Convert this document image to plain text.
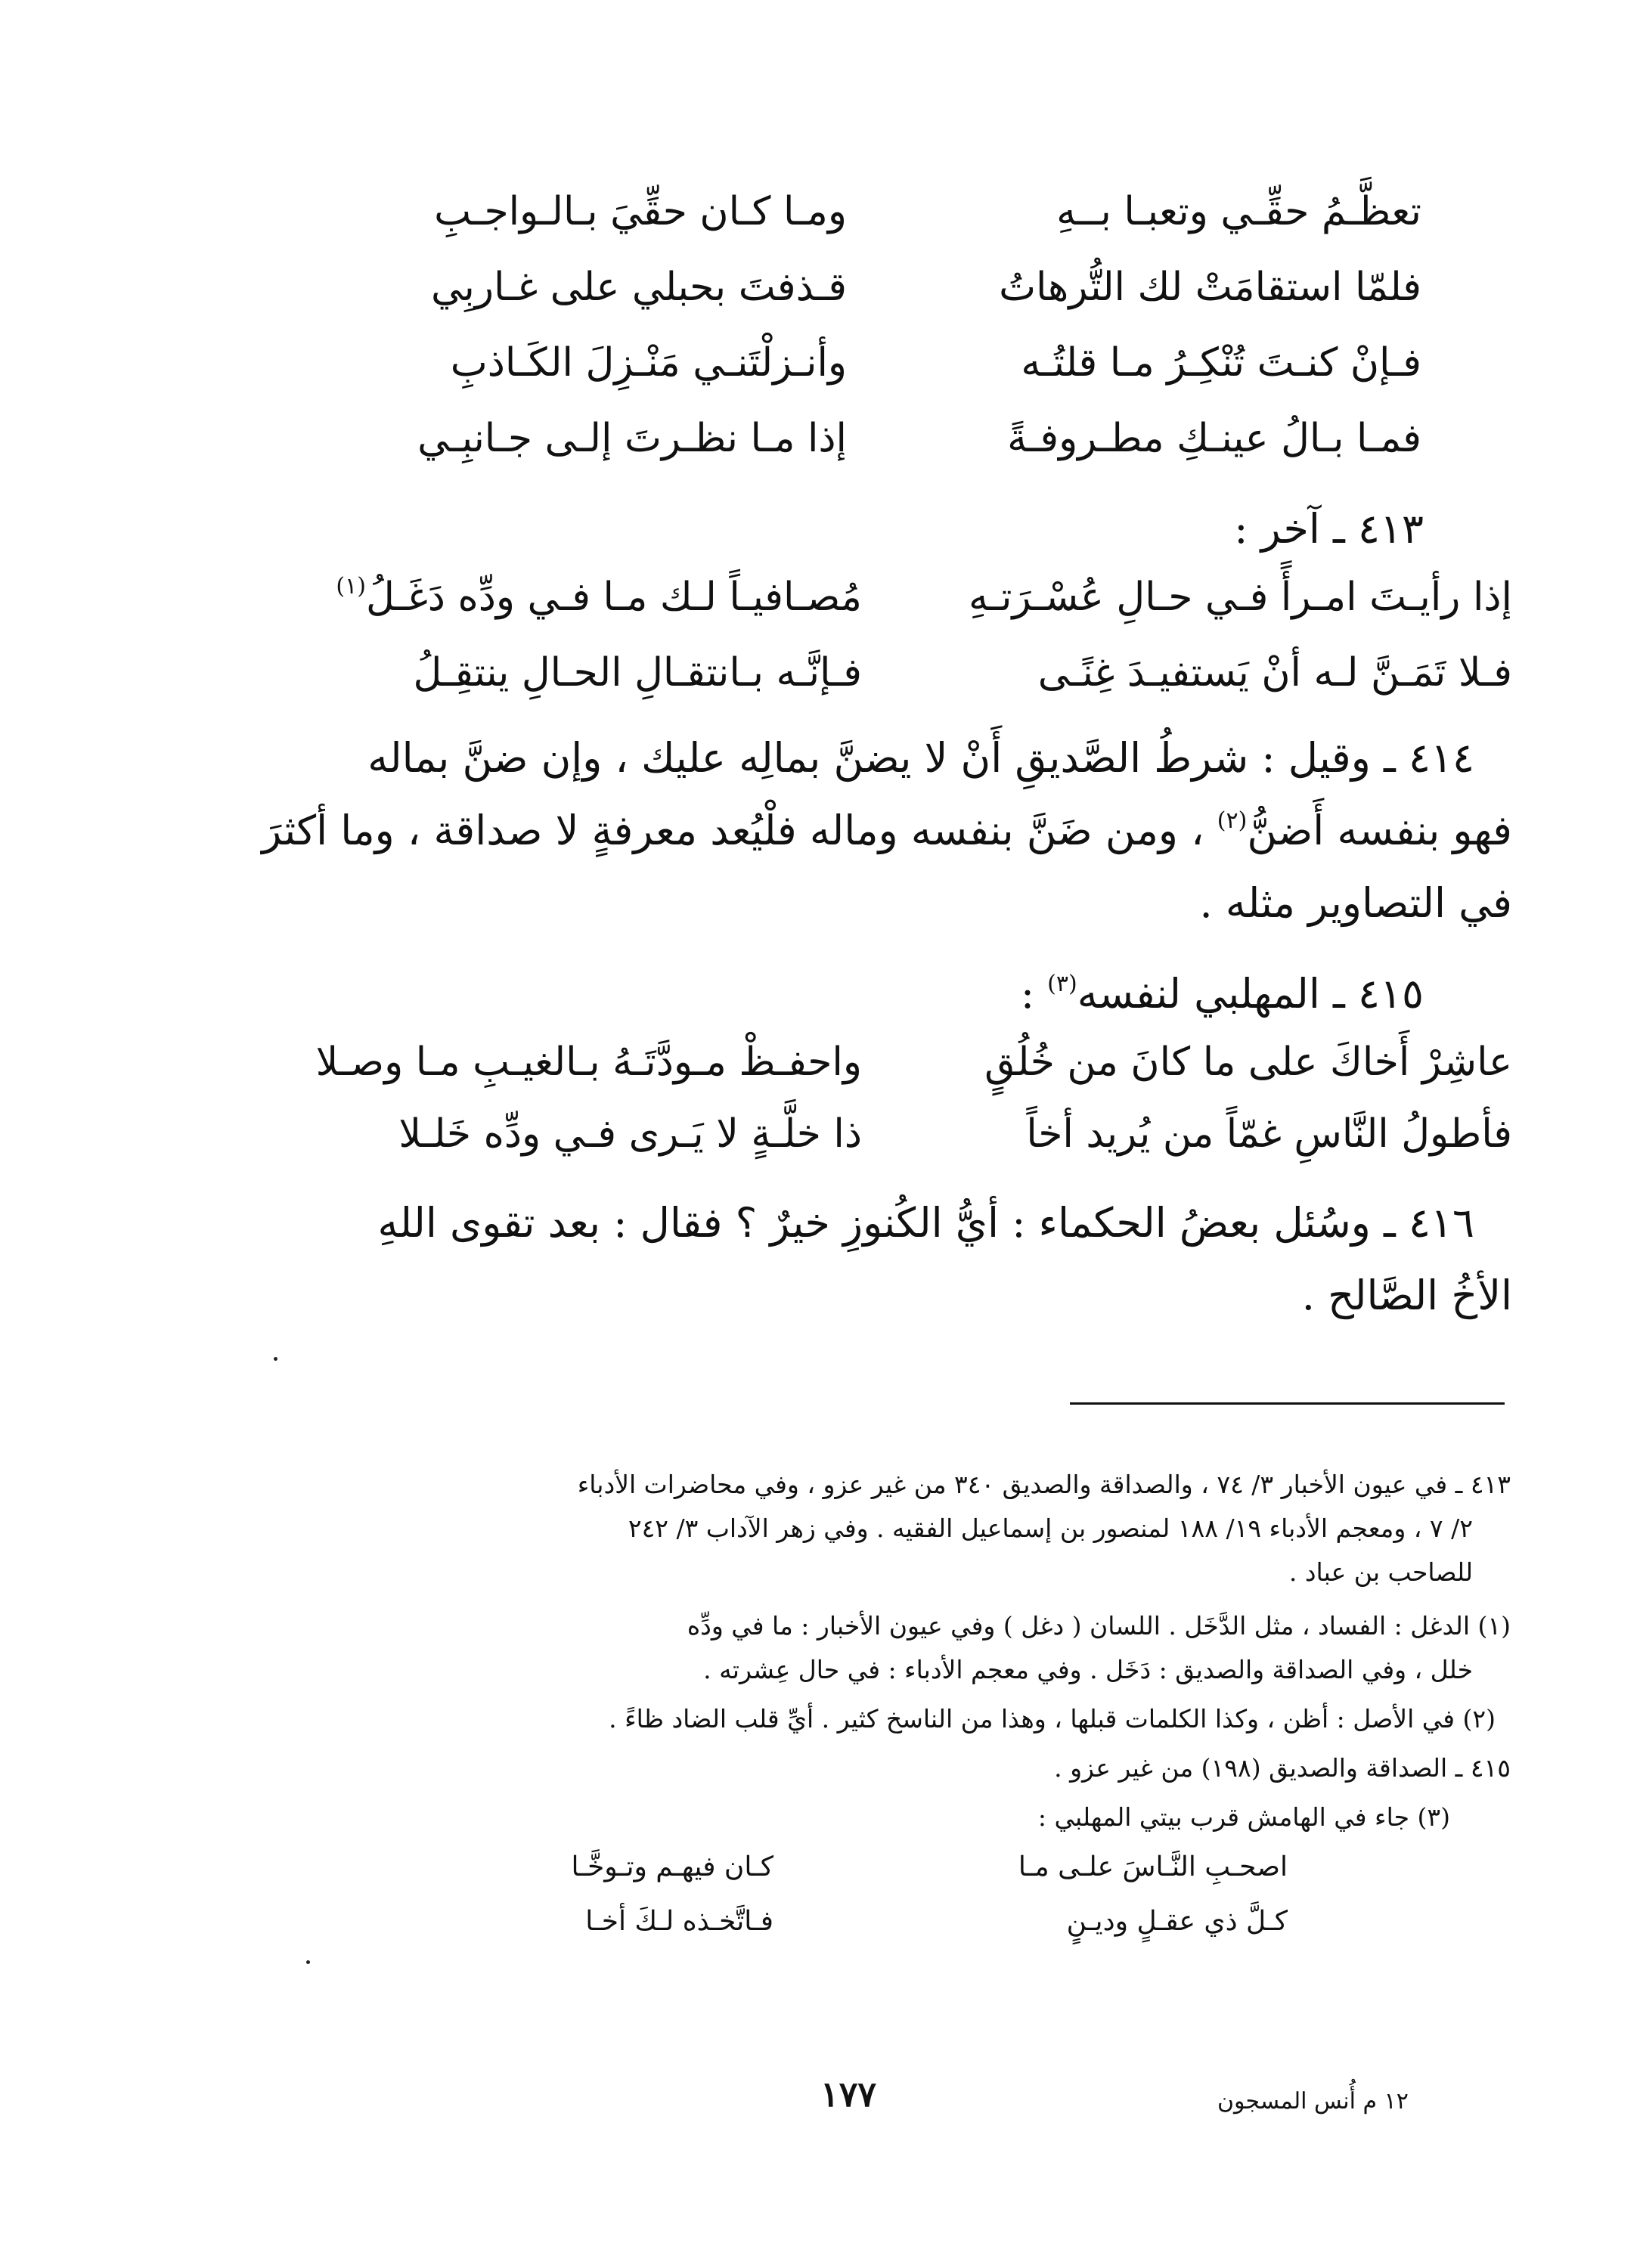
تعظَّـمُ حقِّـي وتعبـا بــهِ
ومـا كـان حقِّيَ بـالـواجـبِ
فلمّا استقامَتْ لك التُّرهاتُ
قـذفتَ بحبلي على غـاربِي
فـإنْ كنـتَ تُنْكِـرُ مـا قلتُـه
وأنـزلْتَنـي مَنْـزِلَ الكَـاذبِ
فمـا بـالُ عينـكِ مطـروفـةً
إذا مـا نظـرتَ إلـى جـانبِـي
٤١٣ ـ آخر :
إذا رأيـتَ امـرأً فـي حـالِ عُسْـرَتـهِ
مُصـافيـاً لـك مـا فـي ودِّه دَغَـلُ$^{(١)}$
فـلا تَمَـنَّ لـه أنْ يَستفيـدَ غِنًـى
فـإنَّـه بـانتقـالِ الحـالِ ينتقِـلُ
٤١٤ ـ وقيل : شرطُ الصَّديقِ أَنْ لا يضنَّ بمالِه عليك ، وإن ضنَّ بماله
فهو بنفسه أَضنُّ$^{(٢)}$ ، ومن ضَنَّ بنفسه وماله فلْيُعد معرفةٍ لا صداقة ، وما أكثرَ
في التصاوير مثله .
٤١٥ ـ المهلبي لنفسه$^{(٣)}$ :
عاشِرْ أَخاكَ على ما كانَ من خُلُقٍ
واحفـظْ مـودَّتَـهُ بـالغيـبِ مـا وصـلا
فأطولُ النَّاسِ غمّاً من يُريد أخاً
ذا خلَّـةٍ لا يَـرى فـي ودِّه خَلـلا
٤١٦ ـ وسُئل بعضُ الحكماء : أيُّ الكُنوزِ خيرٌ ؟ فقال : بعد تقوى اللهِ
الأخُ الصَّالح .
٤١٣ ـ في عيون الأخبار ٣/ ٧٤ ، والصداقة والصديق ٣٤٠ من غير عزو ، وفي محاضرات الأدباء
٢/ ٧ ، ومعجم الأدباء ١٩/ ١٨٨ لمنصور بن إسماعيل الفقيه . وفي زهر الآداب ٣/ ٢٤٢
للصاحب بن عباد .
(١) الدغل : الفساد ، مثل الدَّخَل . اللسان ( دغل ) وفي عيون الأخبار : ما في ودِّه
خلل ، وفي الصداقة والصديق : دَخَل . وفي معجم الأدباء : في حال عِشرته .
(٢) في الأصل : أظن ، وكذا الكلمات قبلها ، وهذا من الناسخ كثير . أيِّ قلب الضاد ظاءً .
٤١٥ ـ الصداقة والصديق (١٩٨) من غير عزو .
(٣) جاء في الهامش قرب بيتي المهلبي :
اصحـبِ النَّـاسَ علـى مـا
كـان فيهـم وتـوخَّـا
كـلَّ ذي عقـلٍ وديـنٍ
فـاتَّخـذه لـكَ أخـا
١٧٧	١٢ م أُنس المسجون
